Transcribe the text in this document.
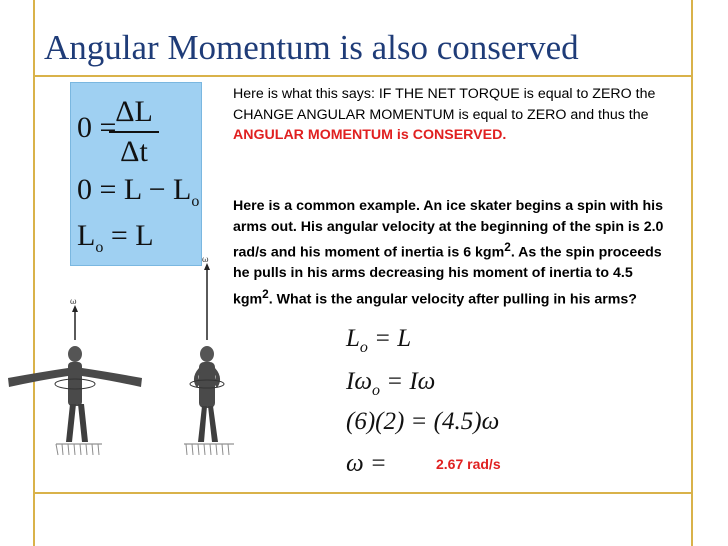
Angular Momentum is also conserved
0 =
$\frac{\Delta L}{\Delta t}$
$0 = L - L_o$
$L_o = L$
Here is what this says: IF THE NET TORQUE is equal to ZERO the CHANGE ANGULAR MOMENTUM is equal to ZERO and thus the ANGULAR MOMENTUM is CONSERVED.
Here is a common example. An ice skater begins a spin with his arms out. His angular velocity at the beginning of the spin is 2.0 rad/s and his moment of inertia is 6 kgm$^2$. As the spin proceeds he pulls in his arms decreasing his moment of inertia to 4.5 kgm$^2$. What is the angular velocity after pulling in his arms?
$L_o = L$
$I\omega_o = I\omega$
(6)(2) = (4.5)ω
ω =	2.67 rad/s
ω
ω
